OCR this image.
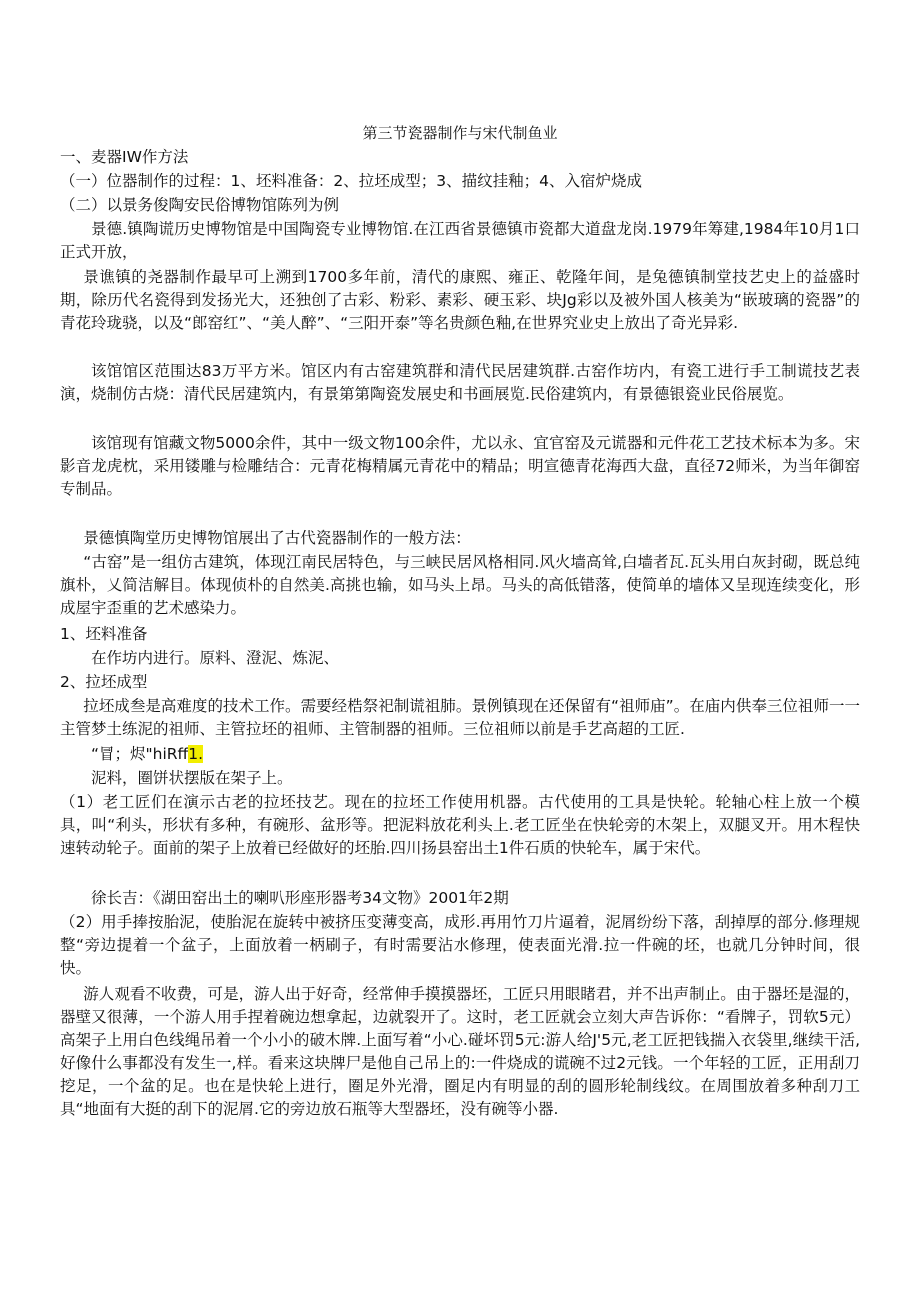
第三节瓷器制作与宋代制鱼业

一、麦器IW作方法

（一）位器制作的过程：1、坯料准备：2、拉坯成型；3、描纹挂釉；4、入宿炉烧成

（二）以景务俊陶安民俗博物馆陈列为例

景德.镇陶谎历史博物馆是中国陶瓷专业博物馆.在江西省景德镇市瓷都大道盘龙岗.1979年筹建,1984年10月1口正式开放，

景谯镇的尧器制作最早可上溯到1700多年前，清代的康熙、雍正、乾隆年间，是兔德镇制堂技艺史上的益盛时期，除历代名瓷得到发扬光大，还独创了古彩、粉彩、素彩、硬玉彩、块Jg彩以及被外国人核美为“嵌玻璃的瓷器”的青花玲珑骁，以及“郎窑红”、“美人醉”、“三阳开泰”等名贵颜色釉,在世界究业史上放出了奇光异彩.

该馆馆区范围达83万平方米。馆区内有古窑建筑群和清代民居建筑群.古窑作坊内，有瓷工进行手工制谎技艺表演，烧制仿古烧：清代民居建筑内，有景第第陶瓷发展史和书画展览.民俗建筑内，有景德银瓷业民俗展览。

该馆现有馆藏文物5000余件，其中一级文物100余件，尤以永、宜官窑及元谎器和元件花工艺技术标本为多。宋影音龙虎枕，采用镂雕与检雕结合：元青花梅精属元青花中的精品；明宣德青花海西大盘，直径72师米，为当年御窑专制品。

景德慎陶堂历史博物馆展出了古代瓷器制作的一般方法：

“古窑”是一组仿古建筑，体现江南民居特色，与三峡民居风格相同.风火墙高耸,白墙者瓦.瓦头用白灰封砌，既总纯旗朴，乂简洁解目。体现侦朴的自然美.高挑也输，如马头上昂。马头的高低错落，使简单的墙体又呈现连续变化，形成屋宇歪重的艺术感染力。

1、坯料准备

在作坊内进行。原料、澄泥、炼泥、

2、拉坯成型

拉坯成叁是高难度的技术工作。需要经梏祭祀制谎祖肺。景例镇现在还保留有“祖师庙”。在庙内供奉三位祖师一一主管梦土练泥的祖师、主管拉坯的祖师、主管制器的祖师。三位祖师以前是手艺高超的工匠.

“冒；烬"hiRff1.

泥料，圈饼状摆版在架子上。

（1）老工匠们在演示古老的拉坯技艺。现在的拉坯工作使用机器。古代使用的工具是快轮。轮轴心柱上放一个模具，叫“利头，形状有多种，有碗形、盆形等。把泥料放花利头上.老工匠坐在快轮旁的木架上，双腿叉开。用木程快速转动轮子。面前的架子上放着已经做好的坯胎.四川扬县窑出土1件石质的快轮车，属于宋代。

徐长吉：《湖田窑出土的喇叭形座形器考34文物》2001年2期

（2）用手捧按胎泥，使胎泥在旋转中被挤压变薄变高，成形.再用竹刀片逼着，泥屑纷纷下落，刮掉厚的部分.修理规整“旁边提着一个盆子，上面放着一柄刷子，有时需要沾水修理，使表面光滑.拉一件碗的坯，也就几分钟时间，很快。

游人观看不收费，可是，游人出于好奇，经常伸手摸摸器坯，工匠只用眼睹君，并不出声制止。由于器坯是湿的，器壁又很薄，一个游人用手捏着碗边想拿起，边就裂开了。这时，老工匠就会立刻大声告诉你：“看牌子，罚软5元）高架子上用白色线绳吊着一个小小的破木牌.上面写着“小心.碰坏罚5元:游人给J'5元,老工匠把钱揣入衣袋里,继续干活,好像什么事都没有发生一,样。看来这块牌尸是他自己吊上的:一件烧成的谎碗不过2元钱。一个年轻的工匠，正用刮刀挖足，一个盆的足。也在是快轮上进行，圈足外光滑，圈足内有明显的刮的圆形轮制线纹。在周围放着多种刮刀工具“地面有大挺的刮下的泥屑.它的旁边放石瓶等大型器坯，没有碗等小器.
